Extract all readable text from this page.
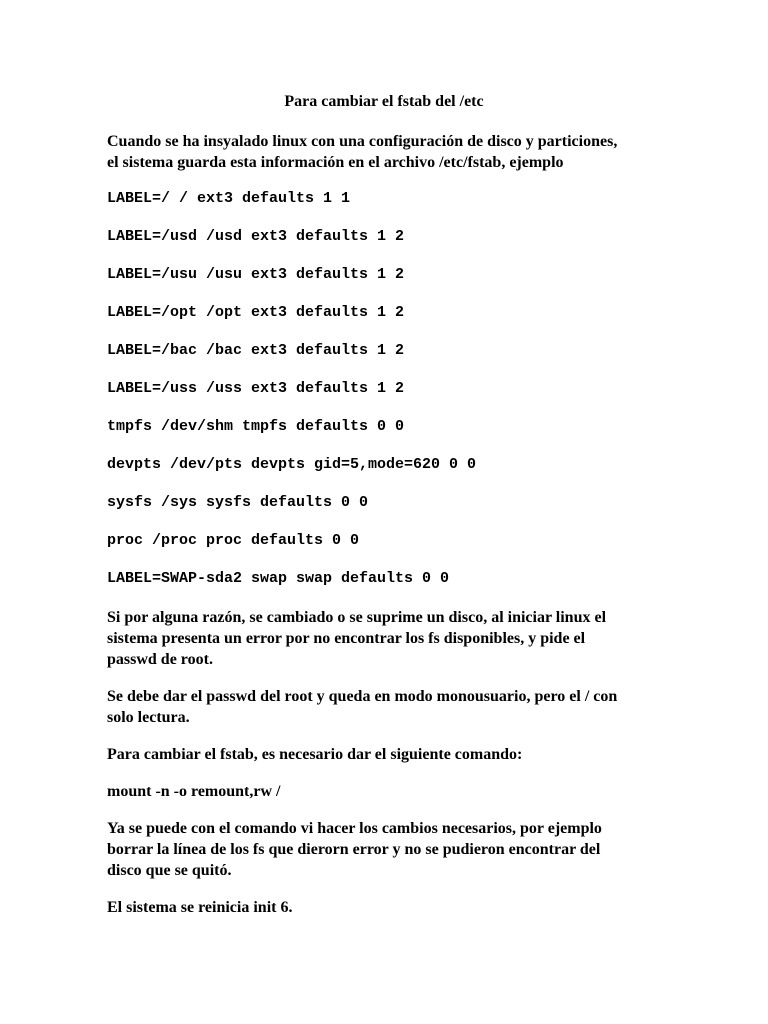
Para cambiar el fstab del /etc

Cuando se ha insyalado linux con una configuración de disco y particiones,
el sistema guarda esta información en el archivo /etc/fstab, ejemplo

LABEL=/ / ext3 defaults 1 1
LABEL=/usd /usd ext3 defaults 1 2
LABEL=/usu /usu ext3 defaults 1 2
LABEL=/opt /opt ext3 defaults 1 2
LABEL=/bac /bac ext3 defaults 1 2
LABEL=/uss /uss ext3 defaults 1 2
tmpfs /dev/shm tmpfs defaults 0 0
devpts /dev/pts devpts gid=5,mode=620 0 0
sysfs /sys sysfs defaults 0 0
proc /proc proc defaults 0 0
LABEL=SWAP-sda2 swap swap defaults 0 0

Si por alguna razón, se cambiado o se suprime un disco, al iniciar linux el
sistema presenta un error por no encontrar los fs disponibles, y pide el
passwd de root.

Se debe dar el passwd del root y queda en modo monousuario, pero el / con
solo lectura.

Para cambiar el fstab, es necesario dar el siguiente comando:

mount -n -o remount,rw /

Ya se puede con el comando vi hacer los cambios necesarios, por ejemplo
borrar la línea de los fs que dierorn error y no se pudieron encontrar del
disco que se quitó.

El sistema se reinicia init 6.
